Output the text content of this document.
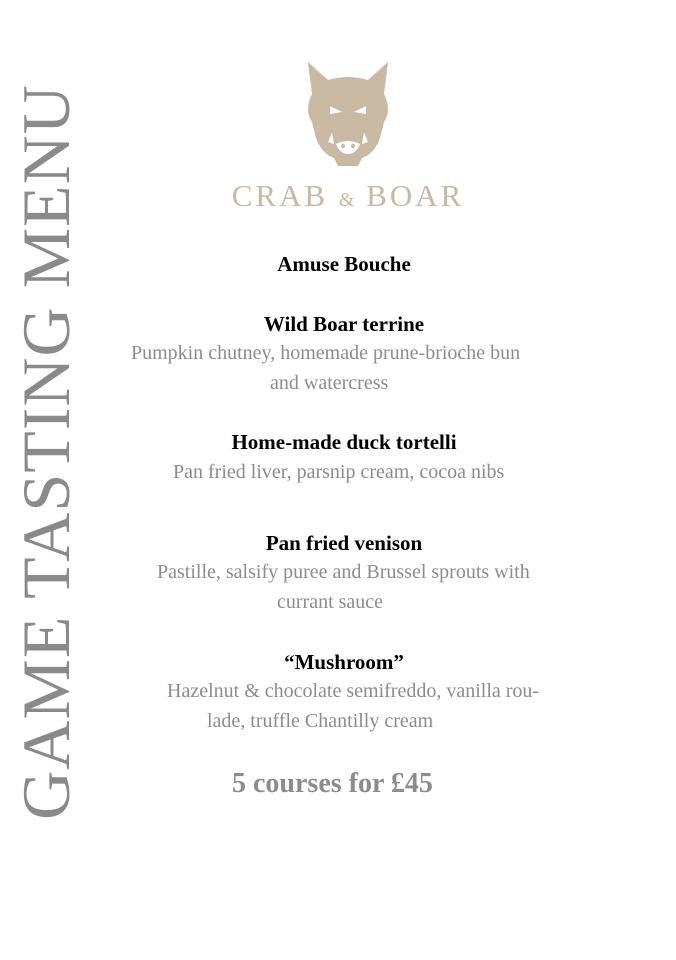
GAME TASTING MENU	CRAB & BOAR
Amuse Bouche
Wild Boar terrine
Pumpkin chutney, homemade prune-brioche bun
and watercress
Home-made duck tortelli
Pan fried liver, parsnip cream, cocoa nibs
Pan fried venison
Pastille, salsify puree and Brussel sprouts with
currant sauce
“Mushroom”
Hazelnut & chocolate semifreddo, vanilla rou-
lade, truffle Chantilly cream
5 courses for £45
